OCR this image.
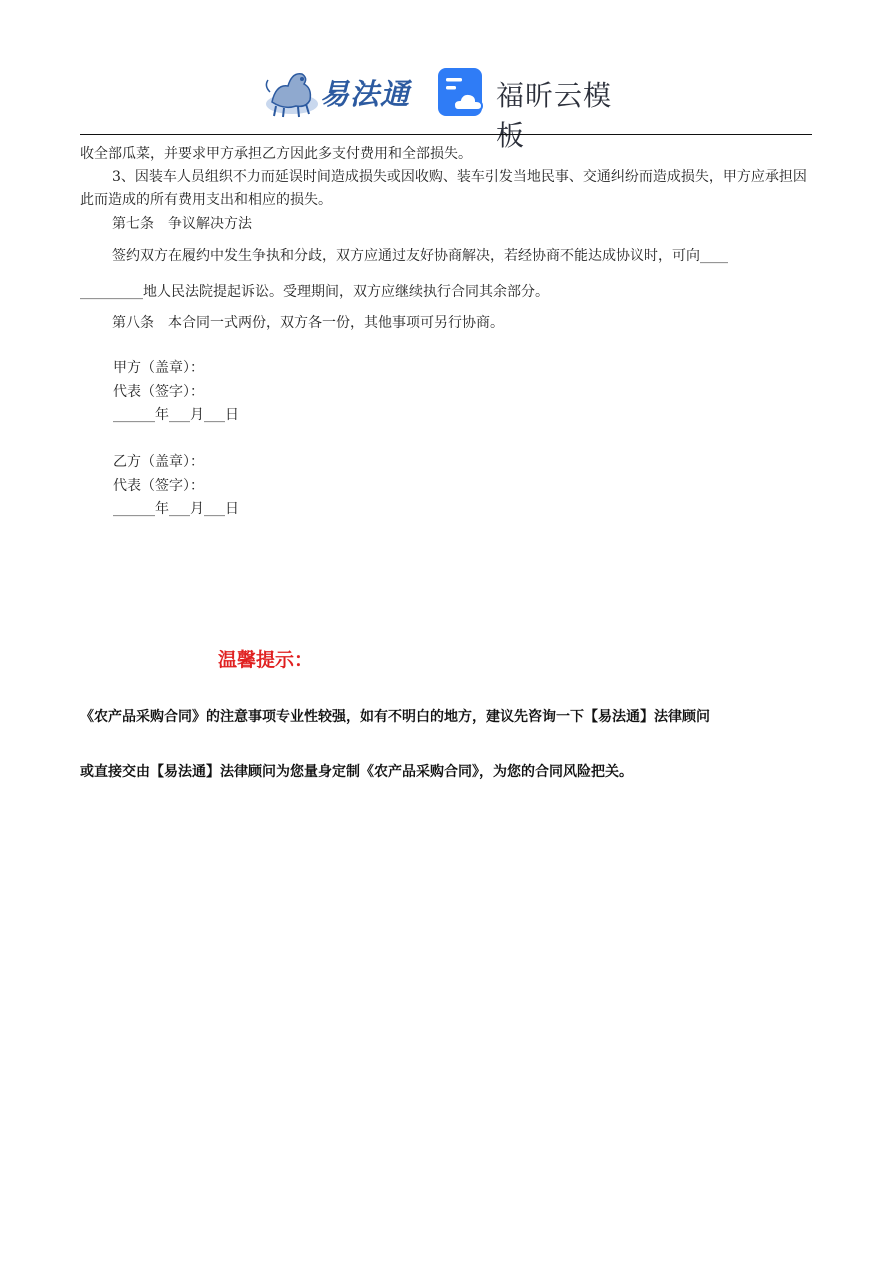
易法通	福昕云模板

收全部瓜菜，并要求甲方承担乙方因此多支付费用和全部损失。

3、因装车人员组织不力而延误时间造成损失或因收购、装车引发当地民事、交通纠纷而造成损失，甲方应承担因此而造成的所有费用支出和相应的损失。

第七条　争议解决方法

签约双方在履约中发生争执和分歧，双方应通过友好协商解决，若经协商不能达成协议时，可向____

_________地人民法院提起诉讼。受理期间，双方应继续执行合同其余部分。

第八条　本合同一式两份，双方各一份，其他事项可另行协商。

甲方（盖章）：
代表（签字）：
______年___月___日
乙方（盖章）：
代表（签字）：
______年___月___日
温馨提示：
《农产品采购合同》的注意事项专业性较强，如有不明白的地方，建议先咨询一下【易法通】法律顾问
或直接交由【易法通】法律顾问为您量身定制《农产品采购合同》，为您的合同风险把关。
